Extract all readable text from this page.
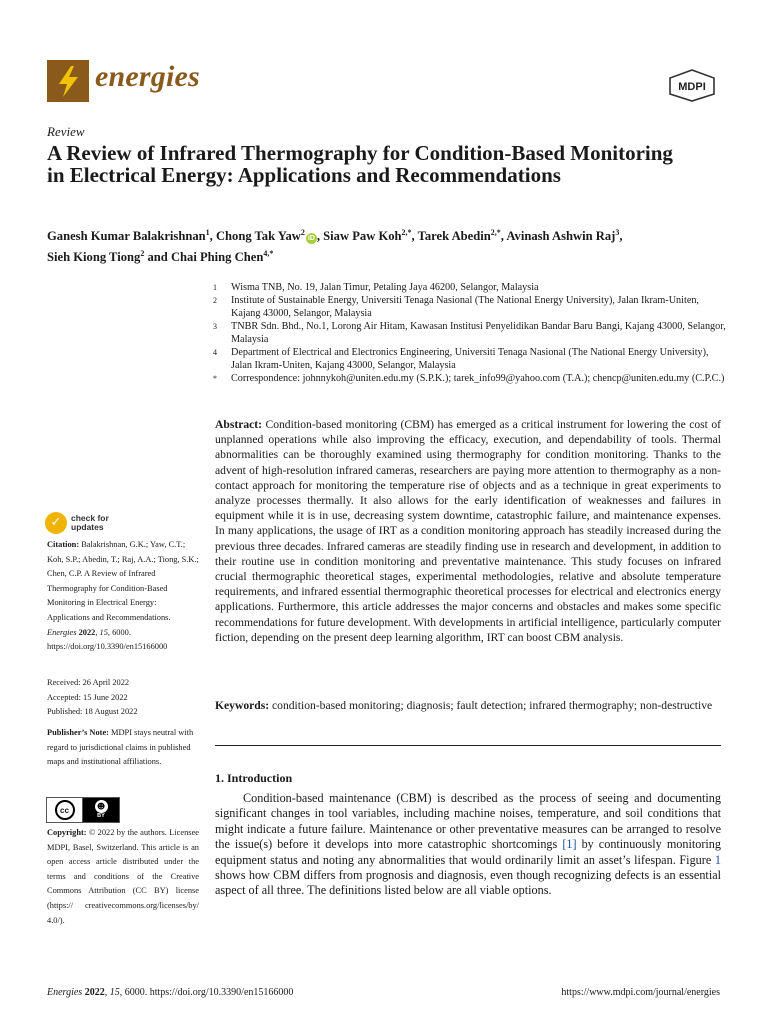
energies	MDPI
Review
A Review of Infrared Thermography for Condition-Based Monitoring in Electrical Energy: Applications and Recommendations
Ganesh Kumar Balakrishnan$^1$, Chong Tak Yaw$^2$iD , Siaw Paw Koh$^{2,*}$, Tarek Abedin$^{2,*}$, Avinash Ashwin Raj$^3$,
Sieh Kiong Tiong$^2$ and Chai Phing Chen$^{4,*}$
1	Wisma TNB, No. 19, Jalan Timur, Petaling Jaya 46200, Selangor, Malaysia
2	Institute of Sustainable Energy, Universiti Tenaga Nasional (The National Energy University), Jalan Ikram-Uniten, Kajang 43000, Selangor, Malaysia
3	TNBR Sdn. Bhd., No.1, Lorong Air Hitam, Kawasan Institusi Penyelidikan Bandar Baru Bangi, Kajang 43000, Selangor, Malaysia
4	Department of Electrical and Electronics Engineering, Universiti Tenaga Nasional (The National Energy University), Jalan Ikram-Uniten, Kajang 43000, Selangor, Malaysia
*	Correspondence: johnnykoh@uniten.edu.my (S.P.K.); tarek_info99@yahoo.com (T.A.); chencp@uniten.edu.my (C.P.C.)

Abstract: Condition-based monitoring (CBM) has emerged as a critical instrument for lowering the cost of unplanned operations while also improving the efficacy, execution, and dependability of tools. Thermal abnormalities can be thoroughly examined using thermography for condition monitoring. Thanks to the advent of high-resolution infrared cameras, researchers are paying more attention to thermography as a non-contact approach for monitoring the temperature rise of objects and as a technique in great experiments to analyze processes thermally. It also allows for the early identification of weaknesses and failures in equipment while it is in use, decreasing system downtime, catastrophic failure, and maintenance expenses. In many applications, the usage of IRT as a condition monitoring approach has steadily increased during the previous three decades. Infrared cameras are steadily finding use in research and development, in addition to their routine use in condition monitoring and preventative maintenance. This study focuses on infrared crucial thermographic theoretical stages, experimental methodologies, relative and absolute temperature requirements, and infrared essential thermographic theoretical processes for electrical and electronics energy applications. Furthermore, this article addresses the major concerns and obstacles and makes some specific recommendations for future development. With developments in artificial intelligence, particularly computer fiction, depending on the present deep learning algorithm, IRT can boost CBM analysis.

Keywords: condition-based monitoring; diagnosis; fault detection; infrared thermography; non-destructive

1. Introduction

Condition-based maintenance (CBM) is described as the process of seeing and documenting significant changes in tool variables, including machine noises, temperature, and soil conditions that might indicate a future failure. Maintenance or other preventative measures can be arranged to resolve the issue(s) before it develops into more catastrophic shortcomings [1] by continuously monitoring equipment status and noting any abnormalities that would ordinarily limit an asset’s lifespan. Figure 1 shows how CBM differs from prognosis and diagnosis, even though recognizing defects is an essential aspect of all three. The definitions listed below are all viable options.

✓	check for
updates
Citation: Balakrishnan, G.K.; Yaw, C.T.; Koh, S.P.; Abedin, T.; Raj, A.A.; Tiong, S.K.; Chen, C.P. A Review of Infrared Thermography for Condition-Based Monitoring in Electrical Energy: Applications and Recommendations. Energies 2022, 15, 6000. https://doi.org/10.3390/en15166000
Received: 26 April 2022
Accepted: 15 June 2022
Published: 18 August 2022
Publisher’s Note: MDPI stays neutral with regard to jurisdictional claims in published maps and institutional affiliations.
cc	☻
BY
Copyright: © 2022 by the authors. Licensee MDPI, Basel, Switzerland. This article is an open access article distributed under the terms and conditions of the Creative Commons Attribution (CC BY) license (https:// creativecommons.org/licenses/by/ 4.0/).
Energies 2022, 15, 6000. https://doi.org/10.3390/en15166000	https://www.mdpi.com/journal/energies
